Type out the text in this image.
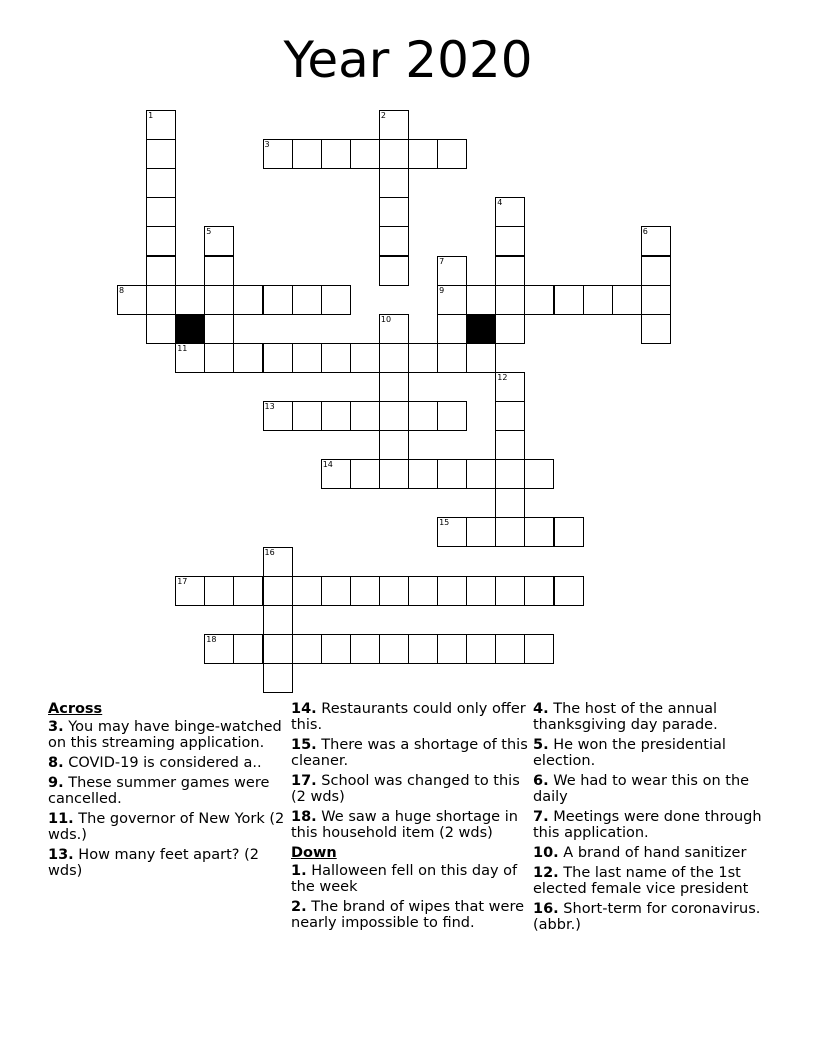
Year 2020
1	2
3
4
5	6
7
8	9
10
11
12
13
14
15
16
17
18
Across
3. You may have binge-watched on this streaming application.
8. COVID-19 is considered a..
9. These summer games were cancelled.
11. The governor of New York (2 wds.)
13. How many feet apart? (2 wds)
14. Restaurants could only offer this.
15. There was a shortage of this cleaner.
17. School was changed to this (2 wds)
18. We saw a huge shortage in this household item (2 wds)
Down
1. Halloween fell on this day of the week
2. The brand of wipes that were nearly impossible to find.
4. The host of the annual thanksgiving day parade.
5. He won the presidential election.
6. We had to wear this on the daily
7. Meetings were done through this application.
10. A brand of hand sanitizer
12. The last name of the 1st elected female vice president
16. Short-term for coronavirus. (abbr.)
